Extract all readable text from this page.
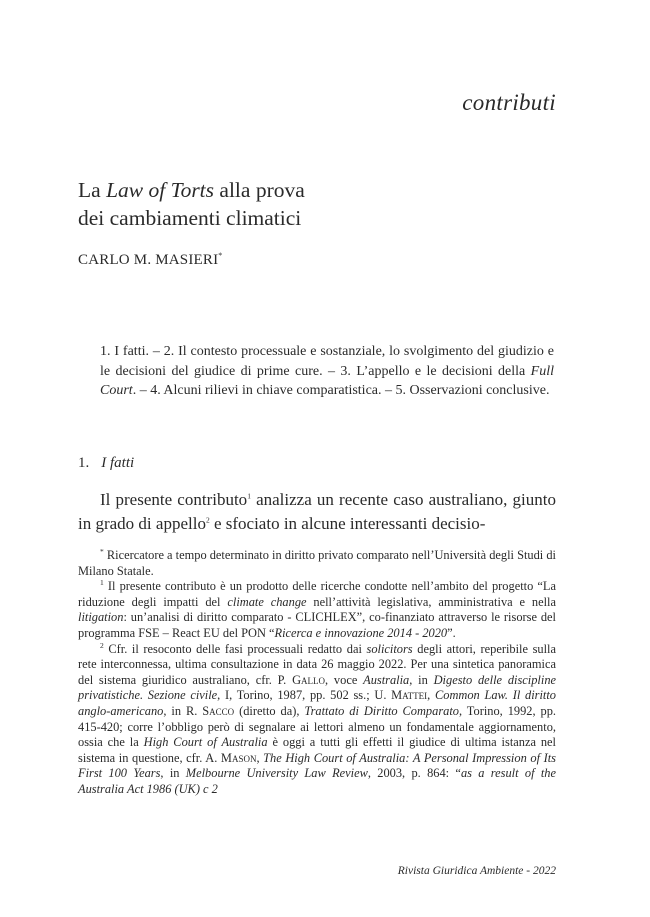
contributi
La Law of Torts alla prova
dei cambiamenti climatici
CARLO M. MASIERI*
1. I fatti. – 2. Il contesto processuale e sostanziale, lo svolgimento del giudizio e le decisioni del giudice di prime cure. – 3. L’appello e le decisioni della Full Court. – 4. Alcuni rilievi in chiave comparatistica. – 5. Osservazioni conclusive.
1. I fatti

Il presente contributo$^1$ analizza un recente caso australiano, giunto in grado di appello$^2$ e sfociato in alcune interessanti decisio-

* Ricercatore a tempo determinato in diritto privato comparato nell’Università degli Studi di Milano Statale.

$^1$ Il presente contributo è un prodotto delle ricerche condotte nell’ambito del progetto “La riduzione degli impatti del climate change nell’attività legislativa, amministrativa e nella litigation: un’analisi di diritto comparato - CLICHLEX”, co-finanziato attraverso le risorse del programma FSE – React EU del PON “Ricerca e innovazione 2014 - 2020”.

$^2$ Cfr. il resoconto delle fasi processuali redatto dai solicitors degli attori, reperibile sulla rete interconnessa, ultima consultazione in data 26 maggio 2022. Per una sintetica panoramica del sistema giuridico australiano, cfr. P. Gallo, voce Australia, in Digesto delle discipline privatistiche. Sezione civile, I, Torino, 1987, pp. 502 ss.; U. Mattei, Common Law. Il diritto anglo-americano, in R. Sacco (diretto da), Trattato di Diritto Comparato, Torino, 1992, pp. 415-420; corre l’obbligo però di segnalare ai lettori almeno un fondamentale aggiornamento, ossia che la High Court of Australia è oggi a tutti gli effetti il giudice di ultima istanza nel sistema in questione, cfr. A. Mason, The High Court of Australia: A Personal Impression of Its First 100 Years, in Melbourne University Law Review, 2003, p. 864: “as a result of the Australia Act 1986 (UK) c 2

Rivista Giuridica Ambiente - 2022
